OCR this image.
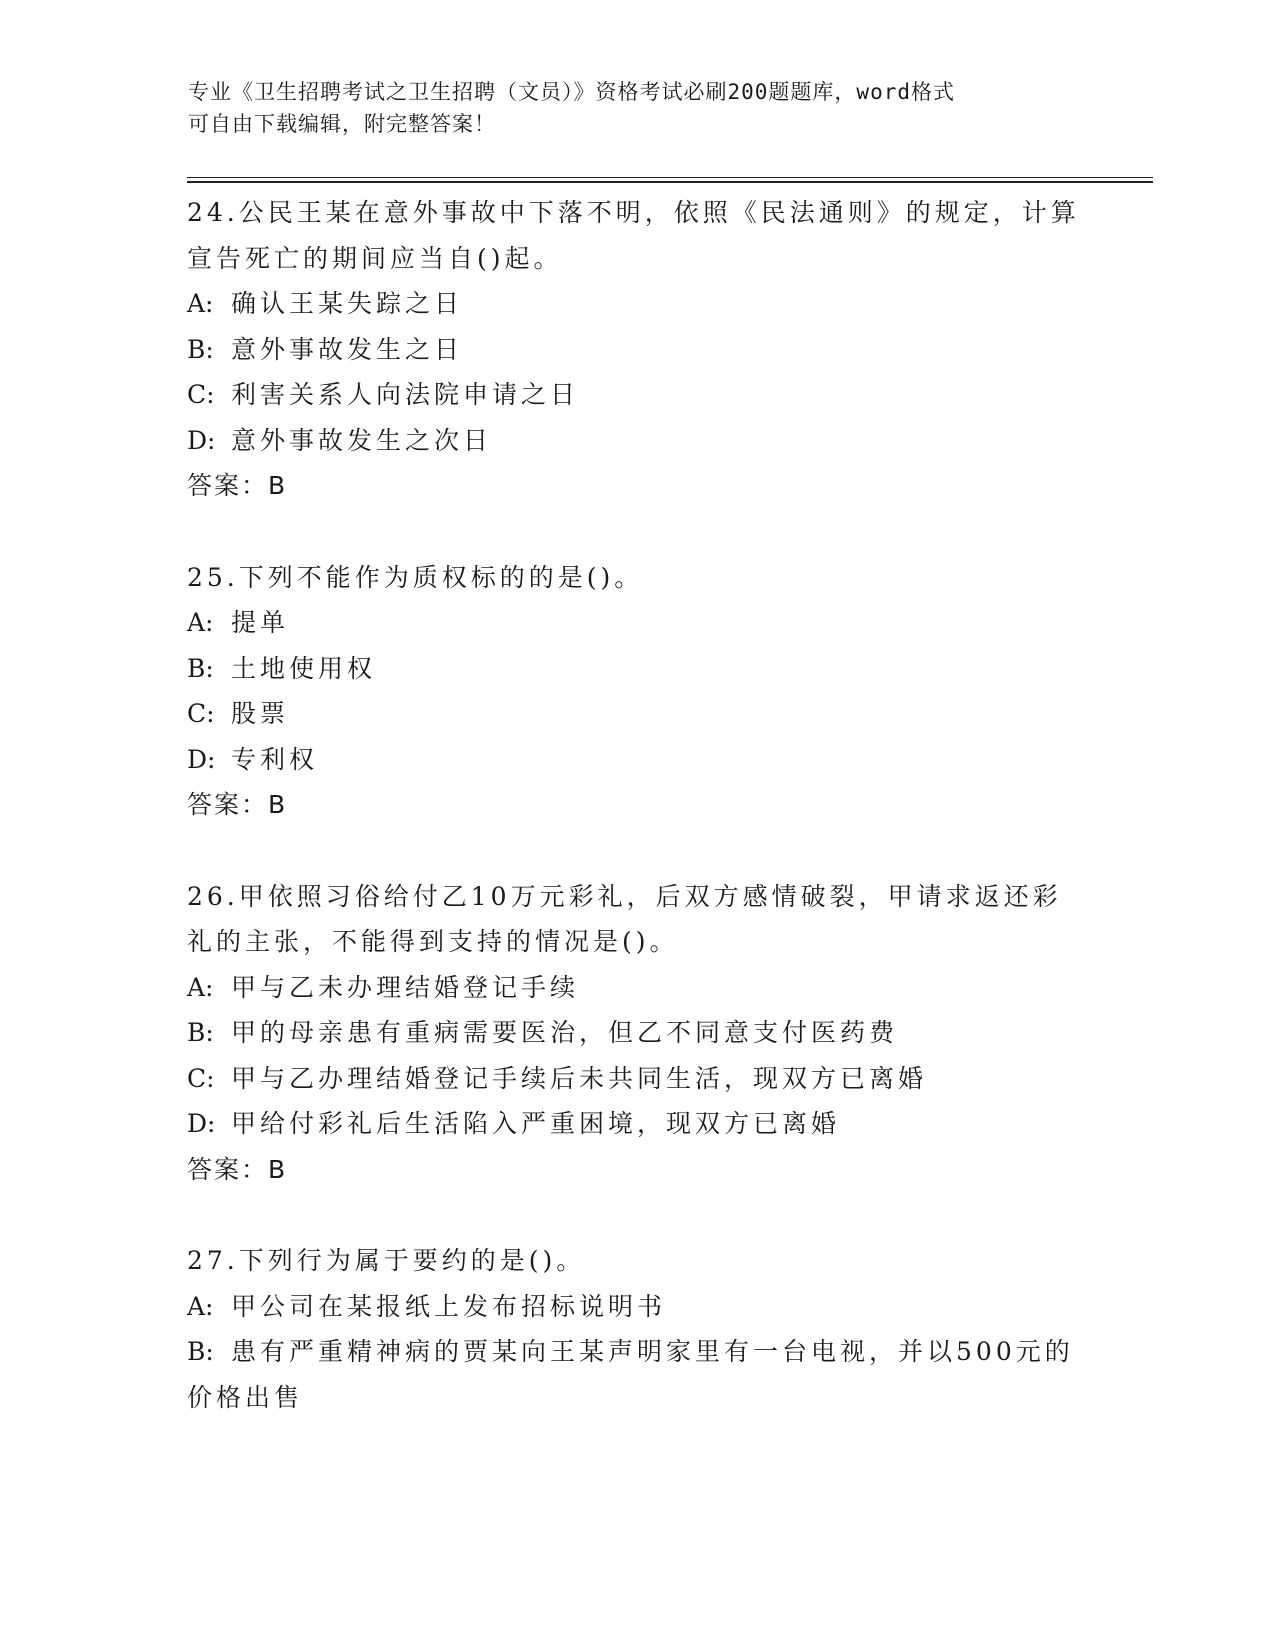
专业《卫生招聘考试之卫生招聘（文员）》资格考试必刷200题题库，word格式
可自由下载编辑，附完整答案！
24.公民王某在意外事故中下落不明，依照《民法通则》的规定，计算
宣告死亡的期间应当自()起。
A: 确认王某失踪之日
B: 意外事故发生之日
C: 利害关系人向法院申请之日
D: 意外事故发生之次日
答案：B
25.下列不能作为质权标的的是()。
A: 提单
B: 土地使用权
C: 股票
D: 专利权
答案：B
26.甲依照习俗给付乙10万元彩礼，后双方感情破裂，甲请求返还彩
礼的主张，不能得到支持的情况是()。
A: 甲与乙未办理结婚登记手续
B: 甲的母亲患有重病需要医治，但乙不同意支付医药费
C: 甲与乙办理结婚登记手续后未共同生活，现双方已离婚
D: 甲给付彩礼后生活陷入严重困境，现双方已离婚
答案：B
27.下列行为属于要约的是()。
A: 甲公司在某报纸上发布招标说明书
B: 患有严重精神病的贾某向王某声明家里有一台电视，并以500元的
价格出售
